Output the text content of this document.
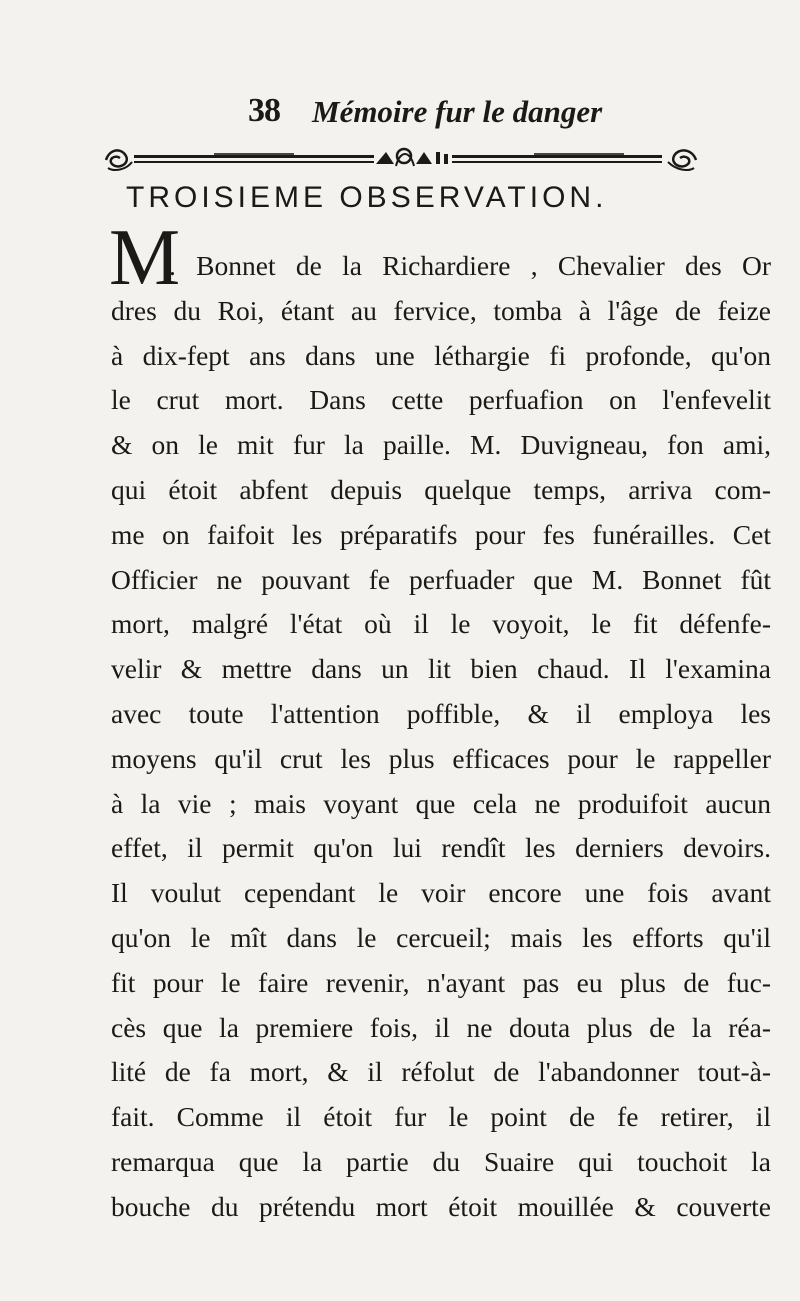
38 Mémoire fur le danger
TROISIEME OBSERVATION.
M
. Bonnet de la Richardiere , Chevalier des Or
dres du Roi, étant au fervice, tomba à l'âge de feize
à dix-fept ans dans une léthargie fi profonde, qu'on
le crut mort. Dans cette perfuafion on l'enfevelit
& on le mit fur la paille. M. Duvigneau, fon ami,
qui étoit abfent depuis quelque temps, arriva com-
me on faifoit les préparatifs pour fes funérailles. Cet
Officier ne pouvant fe perfuader que M. Bonnet fût
mort, malgré l'état où il le voyoit, le fit défenfe-
velir & mettre dans un lit bien chaud. Il l'examina
avec toute l'attention poffible, & il employa les
moyens qu'il crut les plus efficaces pour le rappeller
à la vie ; mais voyant que cela ne produifoit aucun
effet, il permit qu'on lui rendît les derniers devoirs.
Il voulut cependant le voir encore une fois avant
qu'on le mît dans le cercueil; mais les efforts qu'il
fit pour le faire revenir, n'ayant pas eu plus de fuc-
cès que la premiere fois, il ne douta plus de la réa-
lité de fa mort, & il réfolut de l'abandonner tout-à-
fait. Comme il étoit fur le point de fe retirer, il
remarqua que la partie du Suaire qui touchoit la
bouche du prétendu mort étoit mouillée & couverte
